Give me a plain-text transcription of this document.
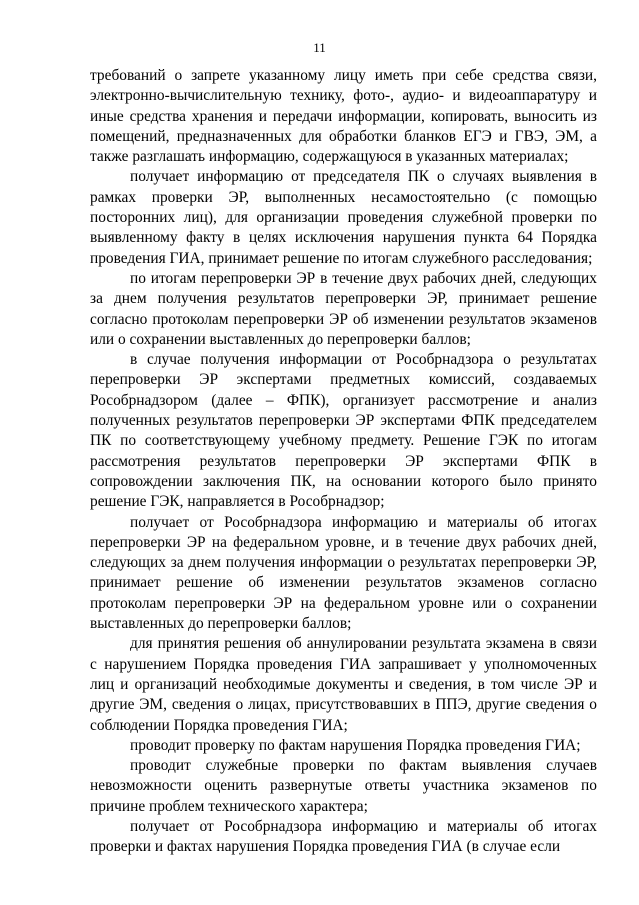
11

требований о запрете указанному лицу иметь при себе средства связи, электронно-вычислительную технику, фото-, аудио- и видеоаппаратуру и иные средства хранения и передачи информации, копировать, выносить из помещений, предназначенных для обработки бланков ЕГЭ и ГВЭ, ЭМ, а также разглашать информацию, содержащуюся в указанных материалах;

получает информацию от председателя ПК о случаях выявления в рамках проверки ЭР, выполненных несамостоятельно (с помощью посторонних лиц), для организации проведения служебной проверки по выявленному факту в целях исключения нарушения пункта 64 Порядка проведения ГИА, принимает решение по итогам служебного расследования;

по итогам перепроверки ЭР в течение двух рабочих дней, следующих за днем получения результатов перепроверки ЭР, принимает решение согласно протоколам перепроверки ЭР об изменении результатов экзаменов или о сохранении выставленных до перепроверки баллов;

в случае получения информации от Рособрнадзора о результатах перепроверки ЭР экспертами предметных комиссий, создаваемых Рособрнадзором (далее – ФПК), организует рассмотрение и анализ полученных результатов перепроверки ЭР экспертами ФПК председателем ПК по соответствующему учебному предмету. Решение ГЭК по итогам рассмотрения результатов перепроверки ЭР экспертами ФПК в сопровождении заключения ПК, на основании которого было принято решение ГЭК, направляется в Рособрнадзор;

получает от Рособрнадзора информацию и материалы об итогах перепроверки ЭР на федеральном уровне, и в течение двух рабочих дней, следующих за днем получения информации о результатах перепроверки ЭР, принимает решение об изменении результатов экзаменов согласно протоколам перепроверки ЭР на федеральном уровне или о сохранении выставленных до перепроверки баллов;

для принятия решения об аннулировании результата экзамена в связи с нарушением Порядка проведения ГИА запрашивает у уполномоченных лиц и организаций необходимые документы и сведения, в том числе ЭР и другие ЭМ, сведения о лицах, присутствовавших в ППЭ, другие сведения о соблюдении Порядка проведения ГИА;

проводит проверку по фактам нарушения Порядка проведения ГИА;

проводит служебные проверки по фактам выявления случаев невозможности оценить развернутые ответы участника экзаменов по причине проблем технического характера;

получает от Рособрнадзора информацию и материалы об итогах проверки и фактах нарушения Порядка проведения ГИА (в случае если
